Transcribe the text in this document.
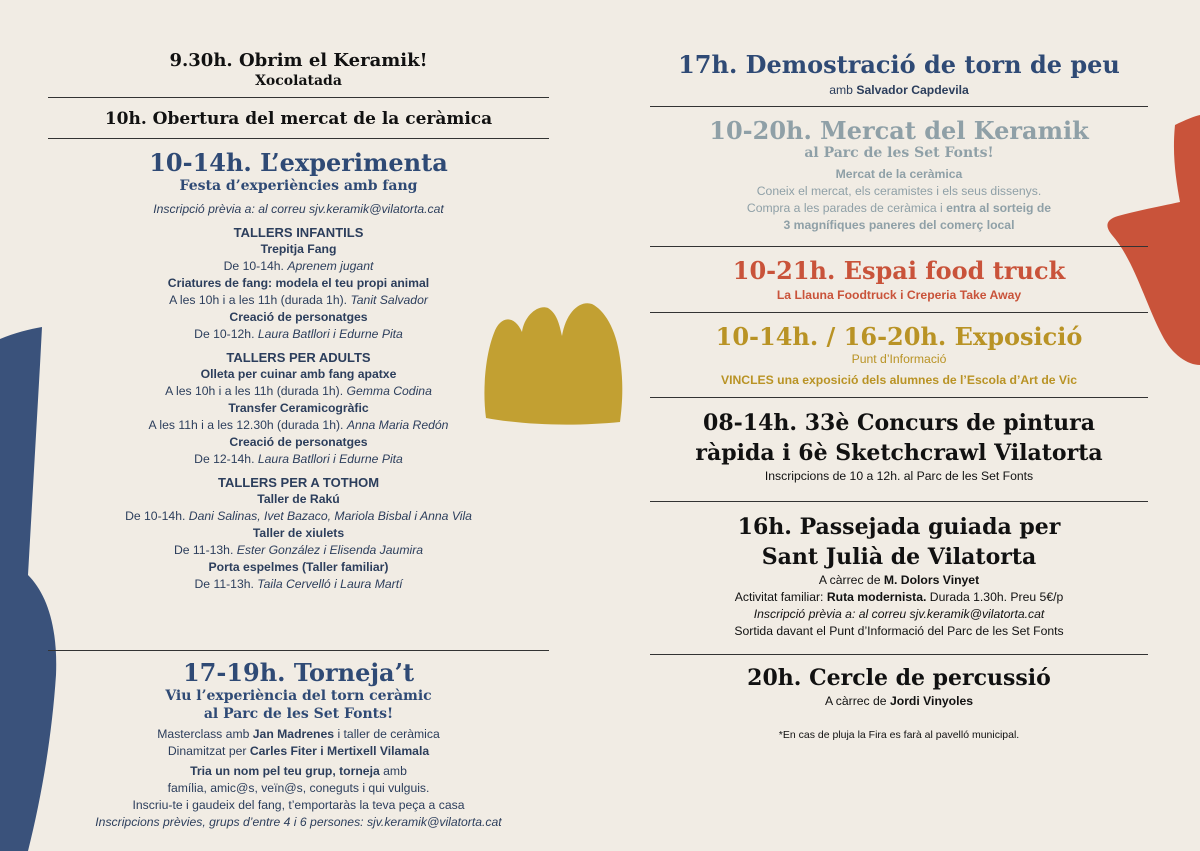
9.30h. Obrim el Keramik!
Xocolatada
10h. Obertura del mercat de la ceràmica
10-14h. L’experimenta
Festa d’experiències amb fang
Inscripció prèvia a: al correu sjv.keramik@vilatorta.cat
TALLERS INFANTILS
Trepitja Fang
De 10-14h. Aprenem jugant
Criatures de fang: modela el teu propi animal
A les 10h i a les 11h (durada 1h). Tanit Salvador
Creació de personatges
De 10-12h. Laura Batllori i Edurne Pita
TALLERS PER ADULTS
Olleta per cuinar amb fang apatxe
A les 10h i a les 11h (durada 1h). Gemma Codina
Transfer Ceramicogràfic
A les 11h i a les 12.30h (durada 1h). Anna Maria Redón
Creació de personatges
De 12-14h. Laura Batllori i Edurne Pita
TALLERS PER A TOTHOM
Taller de Rakú
De 10-14h. Dani Salinas, Ivet Bazaco, Mariola Bisbal i Anna Vila
Taller de xiulets
De 11-13h. Ester González i Elisenda Jaumira
Porta espelmes (Taller familiar)
De 11-13h. Taila Cervelló i Laura Martí
17-19h. Torneja’t
Viu l’experiència del torn ceràmic
al Parc de les Set Fonts!
Masterclass amb Jan Madrenes i taller de ceràmica
Dinamitzat per Carles Fiter i Mertixell Vilamala
Tria un nom pel teu grup, torneja amb
família, amic@s, veïn@s, coneguts i qui vulguis.
Inscriu-te i gaudeix del fang, t’emportaràs la teva peça a casa
Inscripcions prèvies, grups d’entre 4 i 6 persones: sjv.keramik@vilatorta.cat
17h. Demostració de torn de peu
amb Salvador Capdevila
10-20h. Mercat del Keramik
al Parc de les Set Fonts!
Mercat de la ceràmica
Coneix el mercat, els ceramistes i els seus dissenys.
Compra a les parades de ceràmica i entra al sorteig de
3 magnífiques paneres del comerç local
10-21h. Espai food truck
La Llauna Foodtruck i Creperia Take Away
10-14h. / 16-20h. Exposició
Punt d’Informació
VINCLES una exposició dels alumnes de l’Escola d’Art de Vic
08-14h. 33è Concurs de pintura
ràpida i 6è Sketchcrawl Vilatorta
Inscripcions de 10 a 12h. al Parc de les Set Fonts
16h. Passejada guiada per
Sant Julià de Vilatorta
A càrrec de M. Dolors Vinyet
Activitat familiar: Ruta modernista. Durada 1.30h. Preu 5€/p
Inscripció prèvia a: al correu sjv.keramik@vilatorta.cat
Sortida davant el Punt d’Informació del Parc de les Set Fonts
20h. Cercle de percussió
A càrrec de Jordi Vinyoles
*En cas de pluja la Fira es farà al pavelló municipal.
